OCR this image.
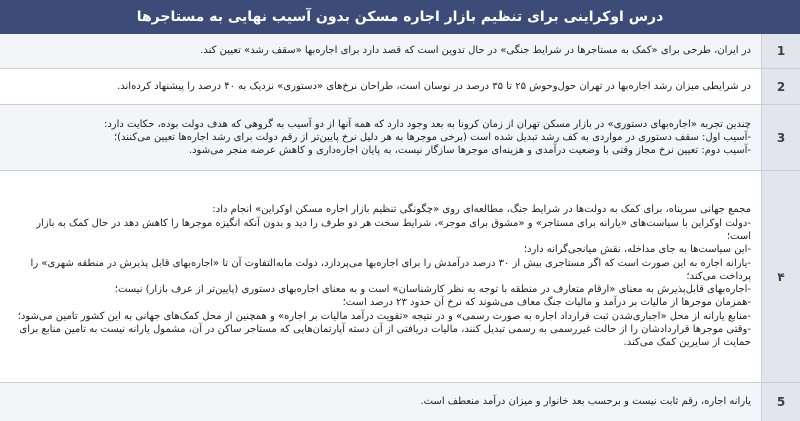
درس اوکراینی برای تنظیم بازار اجاره مسکن بدون آسیب نهایی به مستاجرها
1
در ایران، طرحی برای «کمک به مستاجرها در شرایط جنگی» در حال تدوین است که قصد دارد برای اجاره‌بها «سقف رشد» تعیین کند.
2
در شرایطی میزان رشد اجاره‌بها در تهران حول‌وحوش ۲۵ تا ۳۵ درصد در نوسان است، طراحان نرخ‌های «دستوری» نزدیک به ۴۰ درصد را پیشنهاد کرده‌اند.
3
چندین تجربه «اجاره‌بهای دستوری» در بازار مسکن تهران از زمان کرونا به بعد وجود دارد که همه آنها از دو آسیب به گروهی که هدف دولت بوده، حکایت دارد:
-آسیب اول: سقف دستوری در مواردی به کف رشد تبدیل شده است (برخی موجرها به هر دلیل نرخ پایین‌تر از رقم دولت برای رشد اجاره‌ها تعیین می‌کنند)؛
-آسیب دوم: تعیین نرخ مجاز وقتی با وضعیت درآمدی و هزینه‌ای موجرها سازگار نیست، به پایان اجاره‌داری و کاهش عرضه منجر می‌شود.
۴
مجمع جهانی سرپناه، برای کمک به دولت‌ها در شرایط جنگ، مطالعه‌ای روی «چگونگی تنظیم بازار اجاره مسکن اوکراین» انجام داد:
-دولت اوکراین با سیاست‌های «یارانه برای مستاجر» و «مشوق برای موجر»، شرایط سخت هر دو طرف را دید و بدون آنکه انگیزه موجرها را کاهش دهد در حال کمک به بازار است؛
-این سیاست‌ها به جای مداخله، نقش میانجی‌گرانه دارد؛
-یارانه اجاره به این صورت است که اگر مستاجری بیش از ۳۰ درصد درآمدش را برای اجاره‌بها می‌پردازد، دولت مابه‌التفاوت آن تا «اجاره‌بهای قابل پذیرش در منطقه شهری» را پرداخت می‌کند؛
-اجاره‌بهای قابل‌پذیرش به معنای «ارقام متعارف در منطقه با توجه به نظر کارشناسان» است و به معنای اجاره‌بهای دستوری (پایین‌تر از عرف بازار) نیست؛
-همزمان موجرها از مالیات بر درآمد و مالیات جنگ معاف می‌شوند که نرخ آن حدود ۲۳ درصد است؛
-منابع یارانه از محل «اجباری‌شدن ثبت قرارداد اجاره به صورت رسمی» و در نتیجه «تقویت درآمد مالیات بر اجاره» و همچنین از محل کمک‌های جهانی به این کشور تامین می‌شود؛
-وقتی موجرها قراردادشان را از حالت غیررسمی به رسمی تبدیل کنند، مالیات دریافتی از آن دسته آپارتمان‌هایی که مستاجر ساکن در آن، مشمول یارانه نیست به تامین منابع برای حمایت از سایرین کمک می‌کند.
5
یارانه اجاره، رقم ثابت نیست و برحسب بعد خانوار و میزان درآمد منعطف است.
